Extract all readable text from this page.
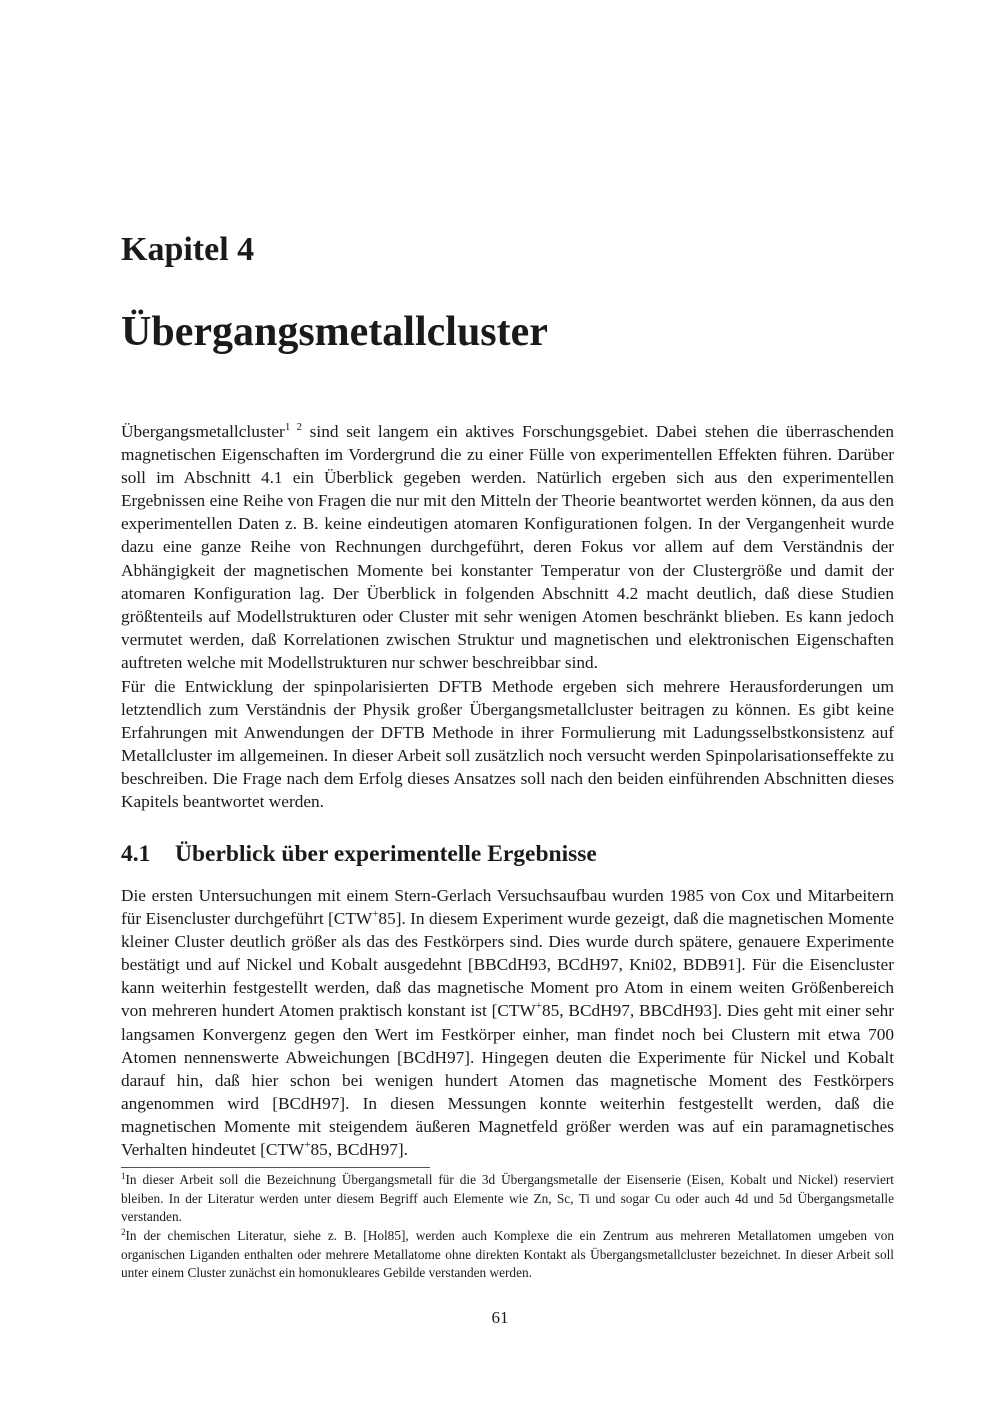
Kapitel 4
Übergangsmetallcluster

Übergangsmetallcluster$^{1 2}$ sind seit langem ein aktives Forschungsgebiet. Dabei stehen die überraschenden magnetischen Eigenschaften im Vordergrund die zu einer Fülle von experimentellen Effekten führen. Darüber soll im Abschnitt 4.1 ein Überblick gegeben werden. Natürlich ergeben sich aus den experimentellen Ergebnissen eine Reihe von Fragen die nur mit den Mitteln der Theorie beantwortet werden können, da aus den experimentellen Daten z. B. keine eindeutigen atomaren Konfigurationen folgen. In der Vergangenheit wurde dazu eine ganze Reihe von Rechnungen durchgeführt, deren Fokus vor allem auf dem Verständnis der Abhängigkeit der magnetischen Momente bei konstanter Temperatur von der Clustergröße und damit der atomaren Konfiguration lag. Der Überblick in folgenden Abschnitt 4.2 macht deutlich, daß diese Studien größtenteils auf Modellstrukturen oder Cluster mit sehr wenigen Atomen beschränkt blieben. Es kann jedoch vermutet werden, daß Korrelationen zwischen Struktur und magnetischen und elektronischen Eigenschaften auftreten welche mit Modellstrukturen nur schwer beschreibbar sind.

Für die Entwicklung der spinpolarisierten DFTB Methode ergeben sich mehrere Herausforderungen um letztendlich zum Verständnis der Physik großer Übergangsmetallcluster beitragen zu können. Es gibt keine Erfahrungen mit Anwendungen der DFTB Methode in ihrer Formulierung mit Ladungsselbstkonsistenz auf Metallcluster im allgemeinen. In dieser Arbeit soll zusätzlich noch versucht werden Spinpolarisationseffekte zu beschreiben. Die Frage nach dem Erfolg dieses Ansatzes soll nach den beiden einführenden Abschnitten dieses Kapitels beantwortet werden.

4.1 Überblick über experimentelle Ergebnisse

Die ersten Untersuchungen mit einem Stern-Gerlach Versuchsaufbau wurden 1985 von Cox und Mitarbeitern für Eisencluster durchgeführt [CTW+85]. In diesem Experiment wurde gezeigt, daß die magnetischen Momente kleiner Cluster deutlich größer als das des Festkörpers sind. Dies wurde durch spätere, genauere Experimente bestätigt und auf Nickel und Kobalt ausgedehnt [BBCdH93, BCdH97, Kni02, BDB91]. Für die Eisencluster kann weiterhin festgestellt werden, daß das magnetische Moment pro Atom in einem weiten Größenbereich von mehreren hundert Atomen praktisch konstant ist [CTW+85, BCdH97, BBCdH93]. Dies geht mit einer sehr langsamen Konvergenz gegen den Wert im Festkörper einher, man findet noch bei Clustern mit etwa 700 Atomen nennenswerte Abweichungen [BCdH97]. Hingegen deuten die Experimente für Nickel und Kobalt darauf hin, daß hier schon bei wenigen hundert Atomen das magnetische Moment des Festkörpers angenommen wird [BCdH97]. In diesen Messungen konnte weiterhin festgestellt werden, daß die magnetischen Momente mit steigendem äußeren Magnetfeld größer werden was auf ein paramagnetisches Verhalten hindeutet [CTW+85, BCdH97].

$^1$In dieser Arbeit soll die Bezeichnung Übergangsmetall für die 3d Übergangsmetalle der Eisenserie (Eisen, Kobalt und Nickel) reserviert bleiben. In der Literatur werden unter diesem Begriff auch Elemente wie Zn, Sc, Ti und sogar Cu oder auch 4d und 5d Übergangsmetalle verstanden.

$^2$In der chemischen Literatur, siehe z. B. [Hol85], werden auch Komplexe die ein Zentrum aus mehreren Metallatomen umgeben von organischen Liganden enthalten oder mehrere Metallatome ohne direkten Kontakt als Übergangsmetallcluster bezeichnet. In dieser Arbeit soll unter einem Cluster zunächst ein homonukleares Gebilde verstanden werden.

61
